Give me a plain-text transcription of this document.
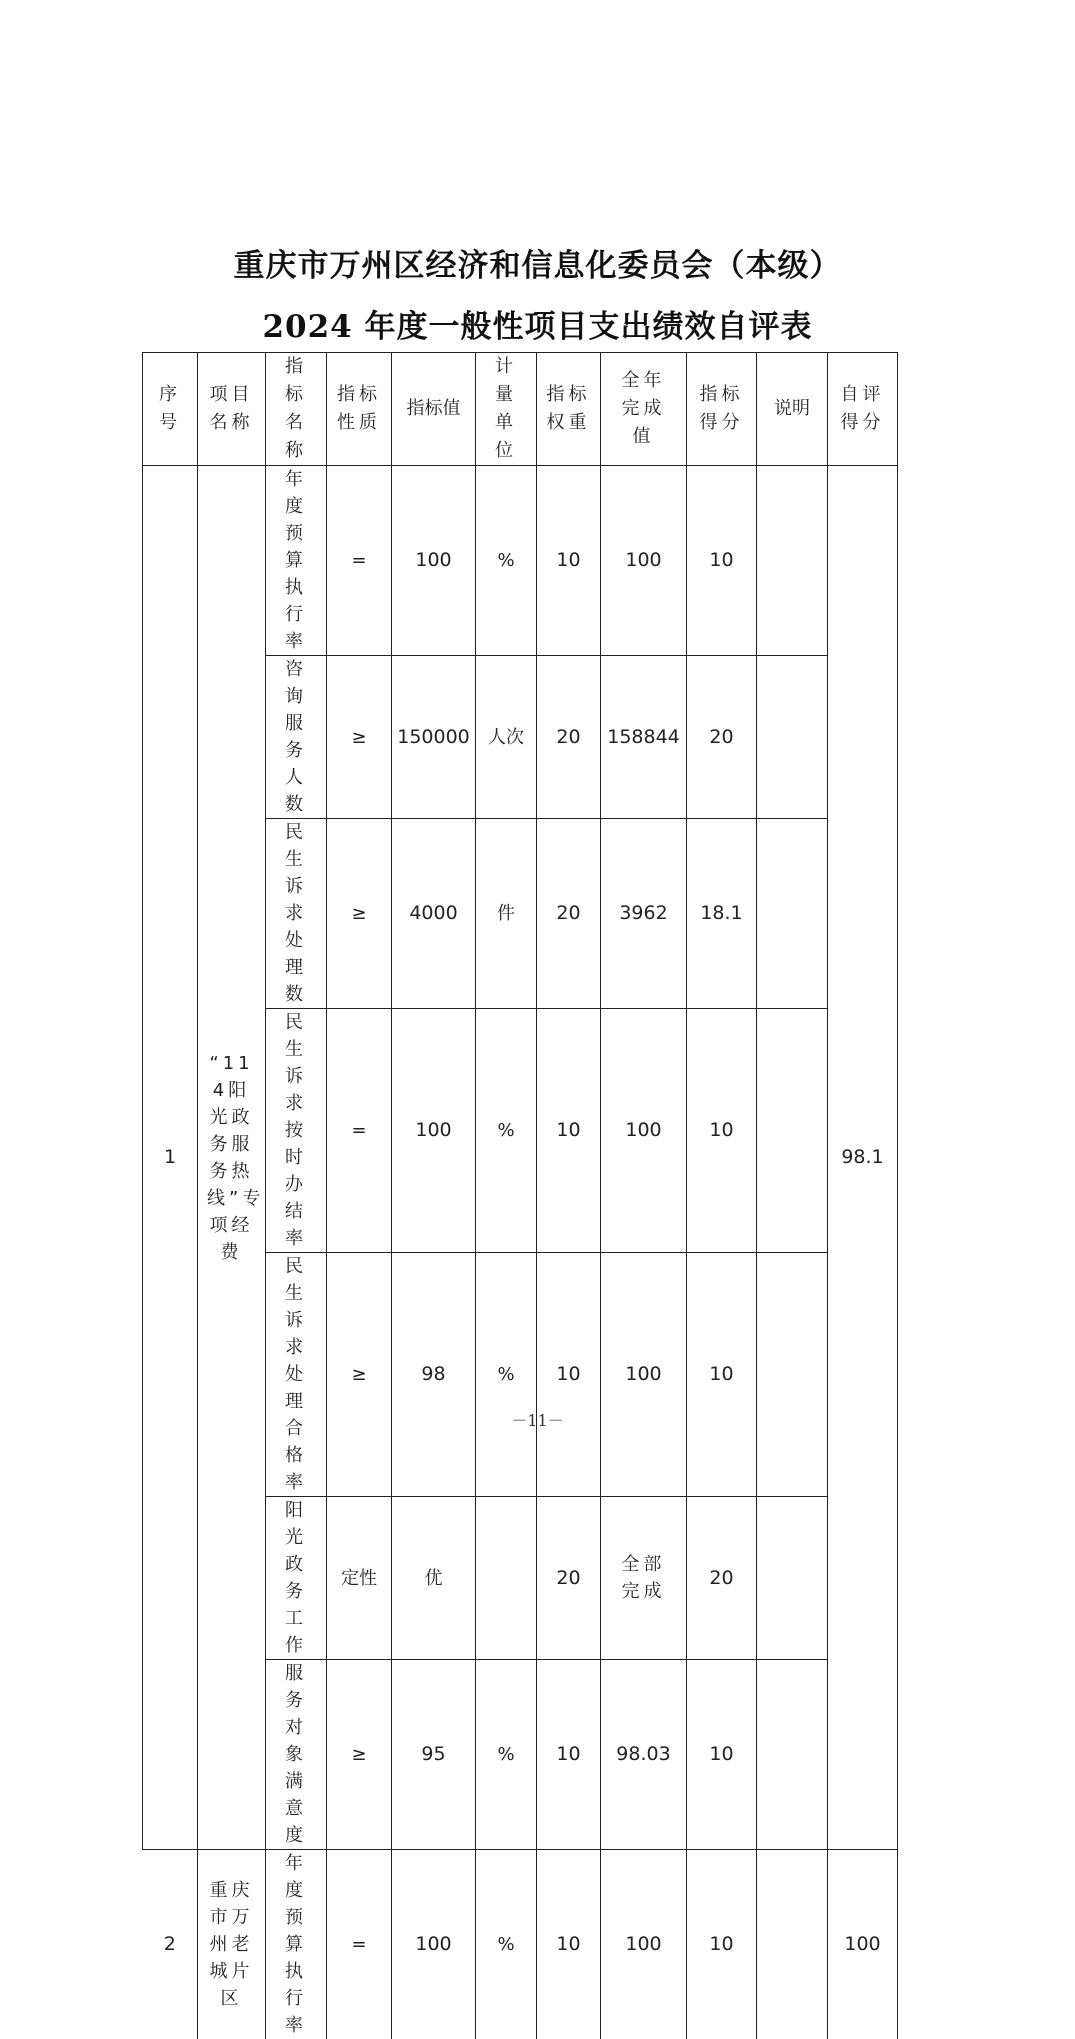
重庆市万州区经济和信息化委员会（本级）
2024 年度一般性项目支出绩效自评表
序号	项目名称	指标名称	指标性质	指标值	计量单位	指标权重	全年完成值	指标得分	说明	自评得分
1	“114阳光政务服务热线”专项经费	年度预算执行率	=	100	%	10	100	10		98.1
		咨询服务人数	≥	150000	人次	20	158844	20		
		民生诉求处理数	≥	4000	件	20	3962	18.1		
		民生诉求按时办结率	=	100	%	10	100	10		
		民生诉求处理合格率	≥	98	%	10	100	10		
		阳光政务工作	定性	优		20	全部完成	20		
		服务对象满意度	≥	95	%	10	98.03	10		
2	重庆市万州老城片区	年度预算执行率	=	100	%	10	100	10		100
－11－
